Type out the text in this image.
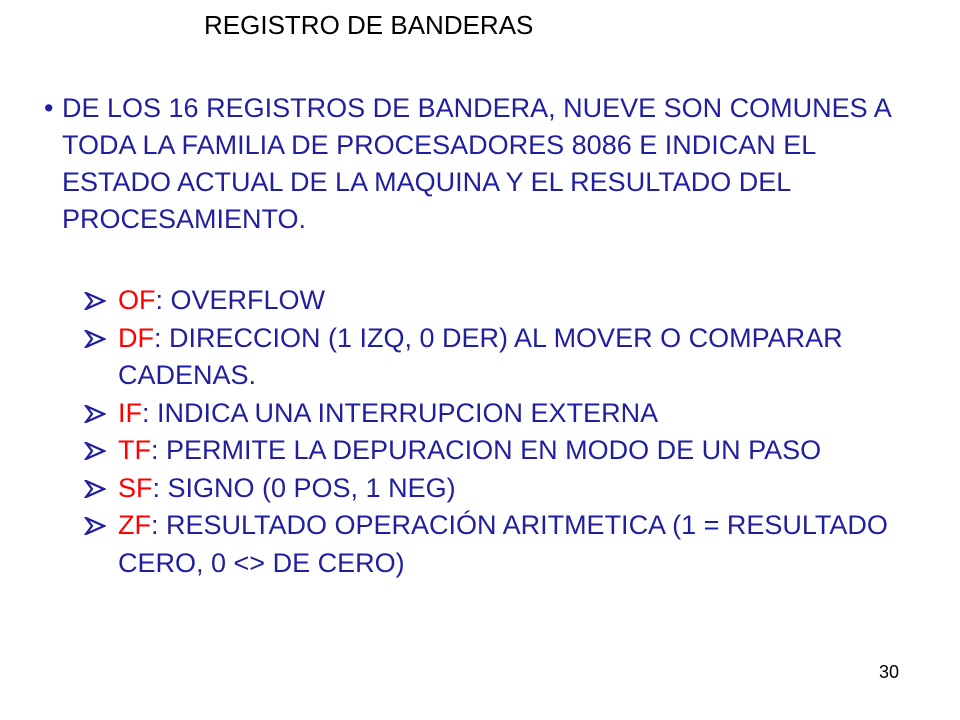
REGISTRO DE BANDERAS
• DE LOS 16 REGISTROS DE BANDERA, NUEVE SON COMUNES A TODA LA FAMILIA DE PROCESADORES 8086 E INDICAN EL ESTADO ACTUAL DE LA MAQUINA Y EL RESULTADO DEL PROCESAMIENTO.
OF: OVERFLOW
DF: DIRECCION (1 IZQ, 0 DER) AL MOVER O COMPARAR CADENAS.
IF: INDICA UNA INTERRUPCION EXTERNA
TF: PERMITE LA DEPURACION EN MODO DE UN PASO
SF: SIGNO (0 POS, 1 NEG)
ZF: RESULTADO OPERACIÓN ARITMETICA (1 = RESULTADO CERO, 0 <> DE CERO)
30
